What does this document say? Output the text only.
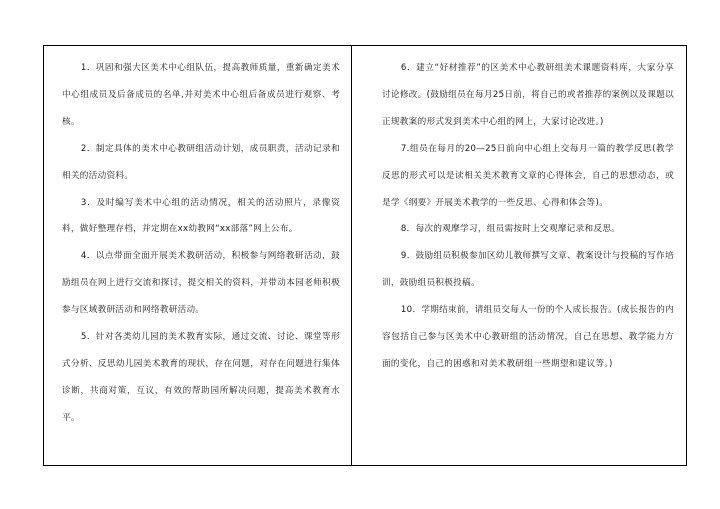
1．巩固和强大区美术中心组队伍，提高教师质量，重新确定美术中心组成员及后备成员的名单,并对美术中心组后备成员进行观察、考核。

2．制定具体的美术中心教研组活动计划，成员职责，活动记录和相关的活动资料。

3．及时编写美术中心组的活动情况，相关的活动照片，录像资料，做好整理存档，并定期在xx幼教网“xx部落”网上公布。

4．以点带面全面开展美术教研活动，积极参与网络教研活动，鼓励组员在网上进行交流和探讨，提交相关的资料，并带动本园老师积极参与区域教研活动和网络教研活动。

5．针对各类幼儿园的美术教育实际，通过交流、讨论、课堂等形式分析、反思幼儿园美术教育的现状，存在问题，对存在问题进行集体诊断，共商对策，互议，有效的帮助园所解决问题，提高美术教育水平。

6．建立“好材推荐”的区美术中心教研组美术课题资料库，大家分享讨论修改。(鼓励组员在每月25日前，将自己的或者推荐的案例以及课题以正规教案的形式发到美术中心组的网上，大家讨论改进。)

7.组员在每月的20—25日前向中心组上交每月一篇的教学反思(教学反思的形式可以是读相关美术教育文章的心得体会，自己的思想动态，或是学《纲要》开展美术教学的一些反思、心得和体会等)。

8．每次的观摩学习，组员需按时上交观摩记录和反思。

9．鼓励组员积极参加区幼儿教师撰写文章、教案设计与投稿的写作培训，鼓励组员积极投稿。

10．学期结束前，请组员交每人一份的个人成长报告。(成长报告的内容包括自己参与区美术中心教研组的活动情况，自己在思想、教学能力方面的变化，自己的困惑和对美术教研组一些期望和建议等。)
